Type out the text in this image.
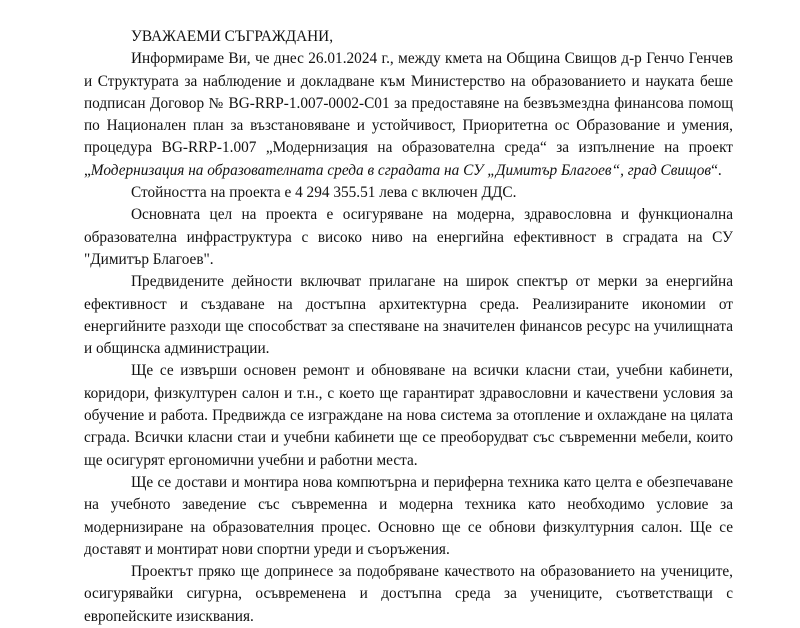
УВАЖАЕМИ СЪГРАЖДАНИ,

Информираме Ви, че днес 26.01.2024 г., между кмета на Община Свищов д-р Генчо Генчев и Структурата за наблюдение и докладване към Министерство на образованието и науката беше подписан Договор № BG-RRP-1.007-0002-C01 за предоставяне на безвъзмездна финансова помощ по Национален план за възстановяване и устойчивост, Приоритетна ос Образование и умения, процедура BG-RRP-1.007 „Модернизация на образователна среда“ за изпълнение на проект „Модернизация на образователната среда в сградата на СУ „Димитър Благоев“, град Свищов“.

Стойността на проекта е 4 294 355.51 лева с включен ДДС.

Основната цел на проекта е осигуряване на модерна, здравословна и функционална образователна инфраструктура с високо ниво на енергийна ефективност в сградата на СУ "Димитър Благоев".

Предвидените дейности включват прилагане на широк спектър от мерки за енергийна ефективност и създаване на достъпна архитектурна среда. Реализираните икономии от енергийните разходи ще способстват за спестяване на значителен финансов ресурс на училищната и общинска администрации.

Ще се извърши основен ремонт и обновяване на всички класни стаи, учебни кабинети, коридори, физкултурен салон и т.н., с което ще гарантират здравословни и качествени условия за обучение и работа. Предвижда се изграждане на нова система за отопление и охлаждане на цялата сграда. Всички класни стаи и учебни кабинети ще се преоборудват със съвременни мебели, които ще осигурят ергономични учебни и работни места.

Ще се достави и монтира нова компютърна и периферна техника като целта е обезпечаване на учебното заведение със съвременна и модерна техника като необходимо условие за модернизиране на образователния процес. Основно ще се обнови физкултурния салон. Ще се доставят и монтират нови спортни уреди и съоръжения.

Проектът пряко ще допринесе за подобряване качеството на образованието на учениците, осигурявайки сигурна, осъвременена и достъпна среда за учениците, съответстващи с европейските изисквания.
